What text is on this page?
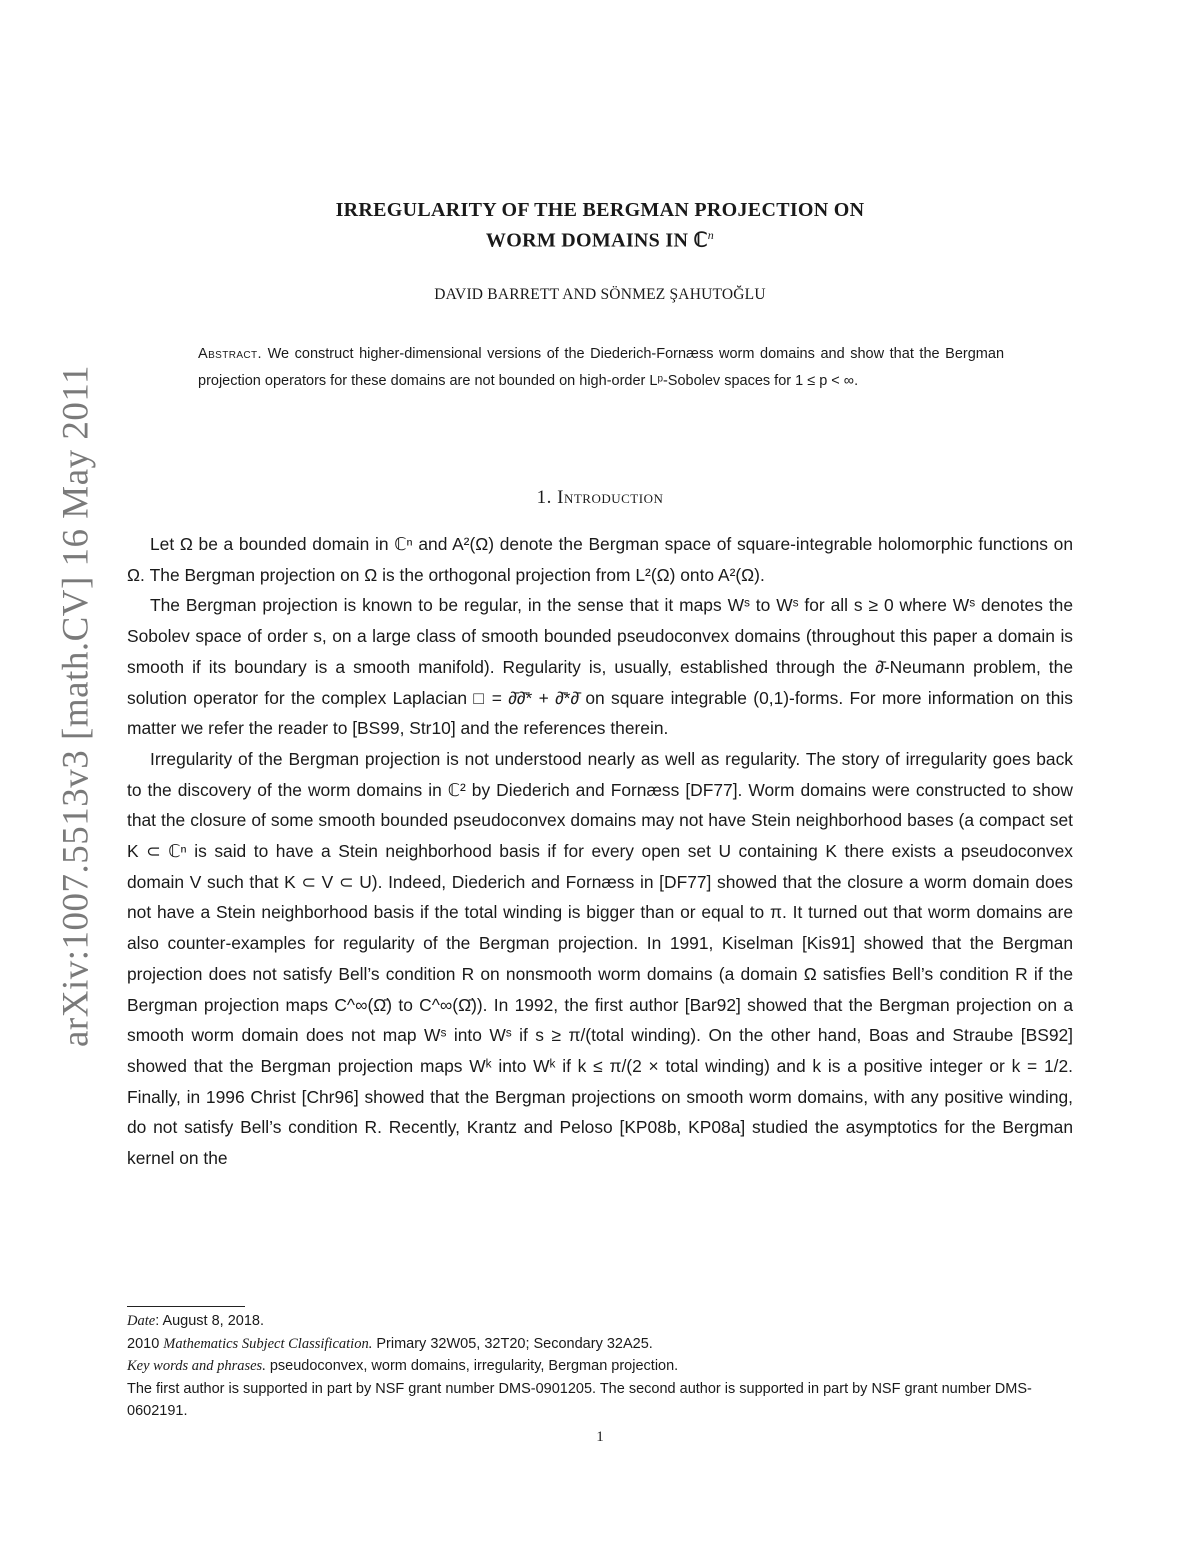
arXiv:1007.5513v3 [math.CV] 16 May 2011
IRREGULARITY OF THE BERGMAN PROJECTION ON
WORM DOMAINS IN ℂ$^n$
DAVID BARRETT AND SÖNMEZ ŞAHUTOĞLU
Abstract. We construct higher-dimensional versions of the Diederich-Fornæss worm domains and show that the Bergman projection operators for these domains are not bounded on high-order Lᵖ-Sobolev spaces for 1 ≤ p < ∞.
1. Introduction

Let Ω be a bounded domain in ℂⁿ and A²(Ω) denote the Bergman space of square-integrable holomorphic functions on Ω. The Bergman projection on Ω is the orthogonal projection from L²(Ω) onto A²(Ω).

The Bergman projection is known to be regular, in the sense that it maps Wˢ to Wˢ for all s ≥ 0 where Wˢ denotes the Sobolev space of order s, on a large class of smooth bounded pseudoconvex domains (throughout this paper a domain is smooth if its boundary is a smooth manifold). Regularity is, usually, established through the ∂̄-Neumann problem, the solution operator for the complex Laplacian □ = ∂̄∂̄* + ∂̄*∂̄ on square integrable (0,1)-forms. For more information on this matter we refer the reader to [BS99, Str10] and the references therein.

Irregularity of the Bergman projection is not understood nearly as well as regularity. The story of irregularity goes back to the discovery of the worm domains in ℂ² by Diederich and Fornæss [DF77]. Worm domains were constructed to show that the closure of some smooth bounded pseudoconvex domains may not have Stein neighborhood bases (a compact set K ⊂ ℂⁿ is said to have a Stein neighborhood basis if for every open set U containing K there exists a pseudoconvex domain V such that K ⊂ V ⊂ U). Indeed, Diederich and Fornæss in [DF77] showed that the closure a worm domain does not have a Stein neighborhood basis if the total winding is bigger than or equal to π. It turned out that worm domains are also counter-examples for regularity of the Bergman projection. In 1991, Kiselman [Kis91] showed that the Bergman projection does not satisfy Bell’s condition R on nonsmooth worm domains (a domain Ω satisfies Bell’s condition R if the Bergman projection maps C^∞(Ω̄) to C^∞(Ω̄)). In 1992, the first author [Bar92] showed that the Bergman projection on a smooth worm domain does not map Wˢ into Wˢ if s ≥ π/(total winding). On the other hand, Boas and Straube [BS92] showed that the Bergman projection maps Wᵏ into Wᵏ if k ≤ π/(2 × total winding) and k is a positive integer or k = 1/2. Finally, in 1996 Christ [Chr96] showed that the Bergman projections on smooth worm domains, with any positive winding, do not satisfy Bell’s condition R. Recently, Krantz and Peloso [KP08b, KP08a] studied the asymptotics for the Bergman kernel on the

Date: August 8, 2018.
2010 Mathematics Subject Classification. Primary 32W05, 32T20; Secondary 32A25.
Key words and phrases. pseudoconvex, worm domains, irregularity, Bergman projection.
The first author is supported in part by NSF grant number DMS-0901205. The second author is supported in part by NSF grant number DMS-0602191.
1
